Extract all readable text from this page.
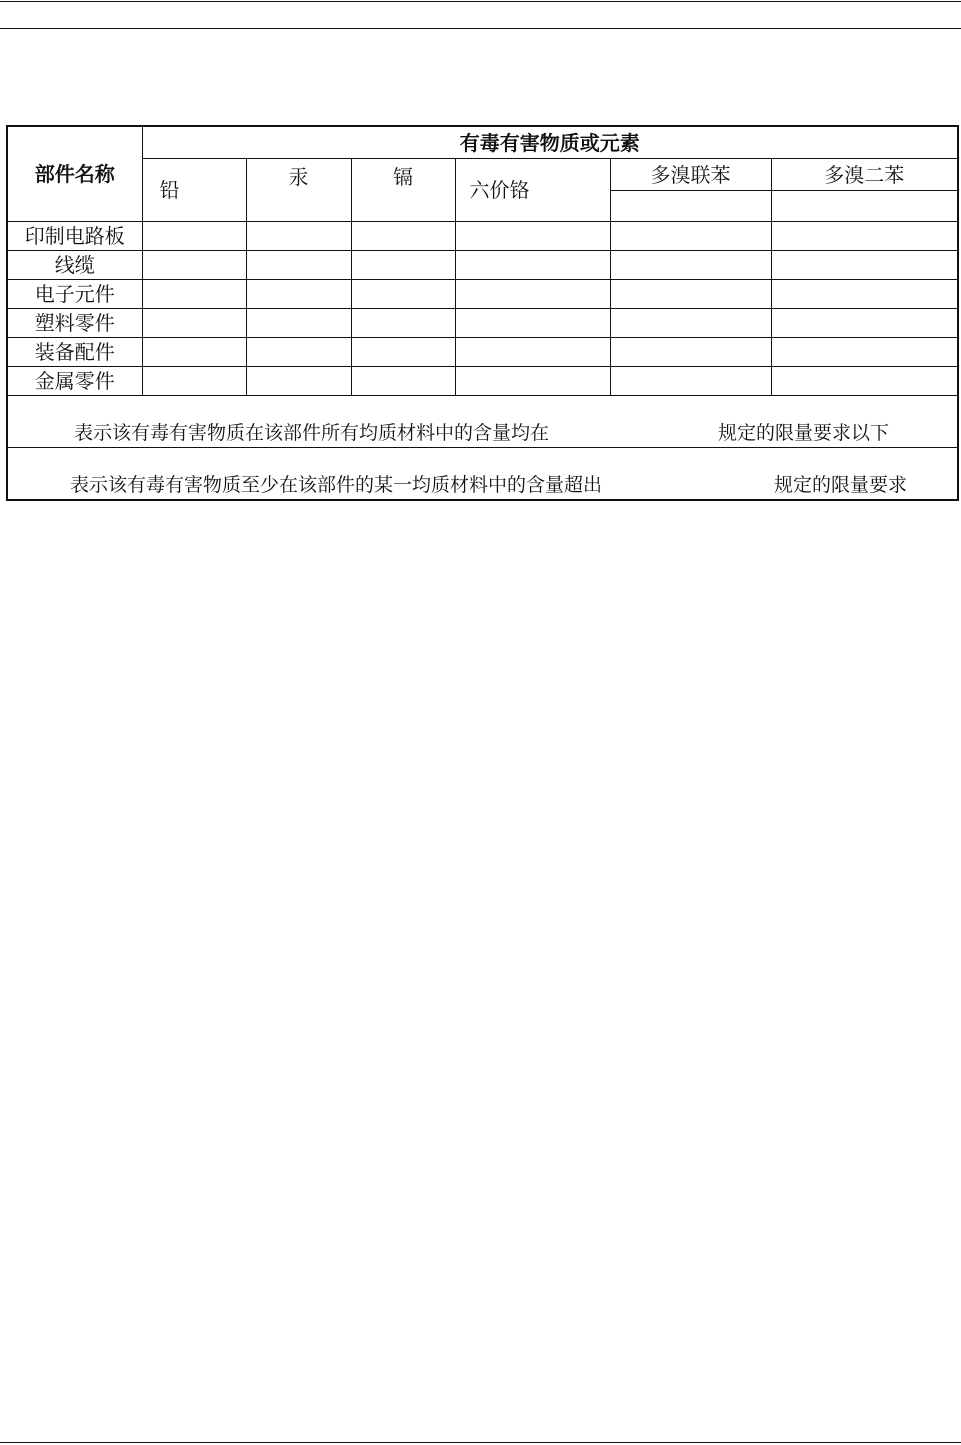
部件名称	有毒有害物质或元素					
	铅	汞	镉	六价铬	多溴联苯	多溴二苯

印制电路板						
线缆						
电子元件						
塑料零件						
装备配件						
金属零件						

表示该有毒有害物质在该部件所有均质材料中的含量均在 规定的限量要求以下						

表示该有毒有害物质至少在该部件的某一均质材料中的含量超出 规定的限量要求						
